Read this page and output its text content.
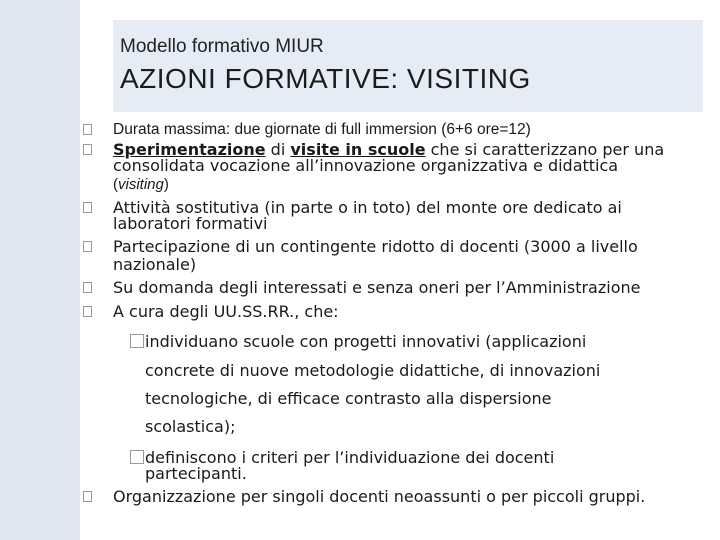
Modello formativo MIUR
AZIONI FORMATIVE: VISITING
Durata massima: due giornate di full immersion (6+6 ore=12)
Sperimentazione di visite in scuole che si caratterizzano per una
consolidata vocazione all’innovazione organizzativa e didattica
(visiting)
Attività sostitutiva (in parte o in toto) del monte ore dedicato ai
laboratori formativi
Partecipazione di un contingente ridotto di docenti (3000 a livello
nazionale)
Su domanda degli interessati e senza oneri per l’Amministrazione
A cura degli UU.SS.RR., che:
individuano scuole con progetti innovativi (applicazioni
concrete di nuove metodologie didattiche, di innovazioni
tecnologiche, di efficace contrasto alla dispersione
scolastica);
definiscono i criteri per l’individuazione dei docenti
partecipanti.
Organizzazione per singoli docenti neoassunti o per piccoli gruppi.
